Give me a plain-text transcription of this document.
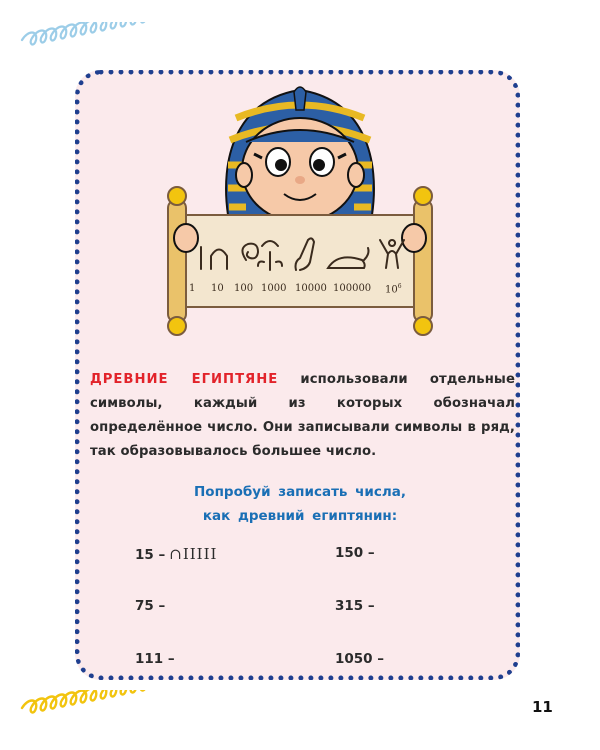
1 10 100 1000 10000 100000 $10^6$
ДРЕВНИЕ ЕГИПТЯНЕ использовали отдельные символы, каждый из которых обозначал определённое число. Они записывали символы в ряд, так образовывалось большее число.
Попробуй записать числа,
как древний египтянин:
15 – ∩IIIII	150 –
75 –	315 –
111 –	1050 –
11
